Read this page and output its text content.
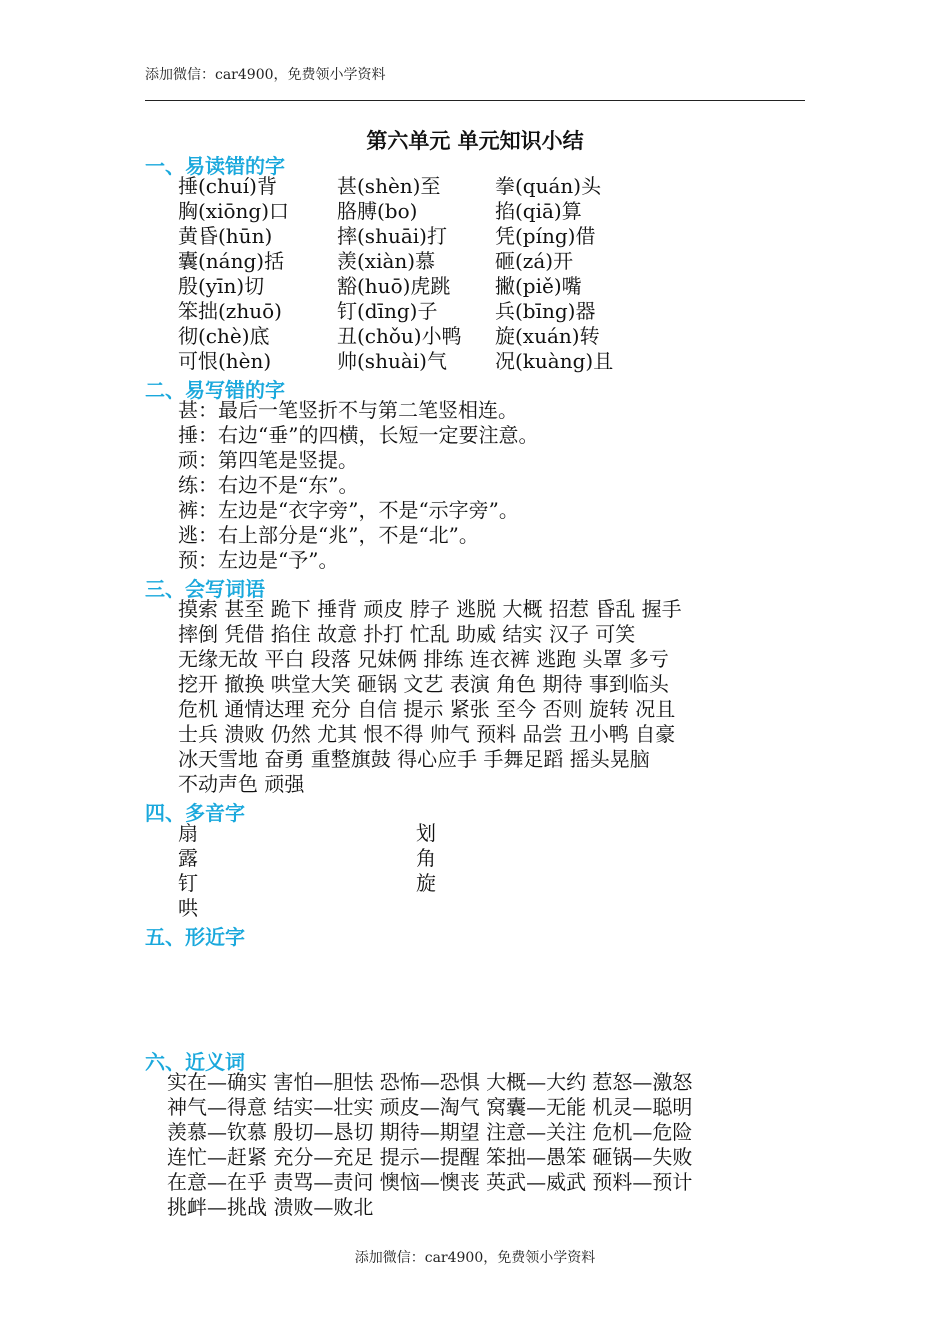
添加微信：car4900，免费领小学资料
第六单元 单元知识小结
一、易读错的字
捶(chuí)背
胸(xiōng)口
黄昏(hūn)
囊(náng)括
殷(yīn)切
笨拙(zhuō)
彻(chè)底
可恨(hèn)
甚(shèn)至
胳膊(bo)
摔(shuāi)打
羡(xiàn)慕
豁(huō)虎跳
钉(dīng)子
丑(chǒu)小鸭
帅(shuài)气
拳(quán)头
掐(qiā)算
凭(píng)借
砸(zá)开
撇(piě)嘴
兵(bīng)器
旋(xuán)转
况(kuàng)且
二、易写错的字
甚：最后一笔竖折不与第二笔竖相连。
捶：右边“垂”的四横，长短一定要注意。
顽：第四笔是竖提。
练：右边不是“东”。
裤：左边是“衣字旁”，不是“示字旁”。
逃：右上部分是“兆”，不是“北”。
预：左边是“予”。
三、会写词语
摸索 甚至 跪下 捶背 顽皮 脖子 逃脱 大概 招惹 昏乱 握手
摔倒 凭借 掐住 故意 扑打 忙乱 助威 结实 汉子 可笑
无缘无故 平白 段落 兄妹俩 排练 连衣裤 逃跑 头罩 多亏
挖开 撤换 哄堂大笑 砸锅 文艺 表演 角色 期待 事到临头
危机 通情达理 充分 自信 提示 紧张 至今 否则 旋转 况且
士兵 溃败 仍然 尤其 恨不得 帅气 预料 品尝 丑小鸭 自豪
冰天雪地 奋勇 重整旗鼓 得心应手 手舞足蹈 摇头晃脑
不动声色 顽强
四、多音字
扇
露
钉
哄
划
角
旋
五、形近字
六、近义词
实在—确实 害怕—胆怯 恐怖—恐惧 大概—大约 惹怒—激怒
神气—得意 结实—壮实 顽皮—淘气 窝囊—无能 机灵—聪明
羡慕—钦慕 殷切—恳切 期待—期望 注意—关注 危机—危险
连忙—赶紧 充分—充足 提示—提醒 笨拙—愚笨 砸锅—失败
在意—在乎 责骂—责问 懊恼—懊丧 英武—威武 预料—预计
挑衅—挑战 溃败—败北
添加微信：car4900，免费领小学资料
